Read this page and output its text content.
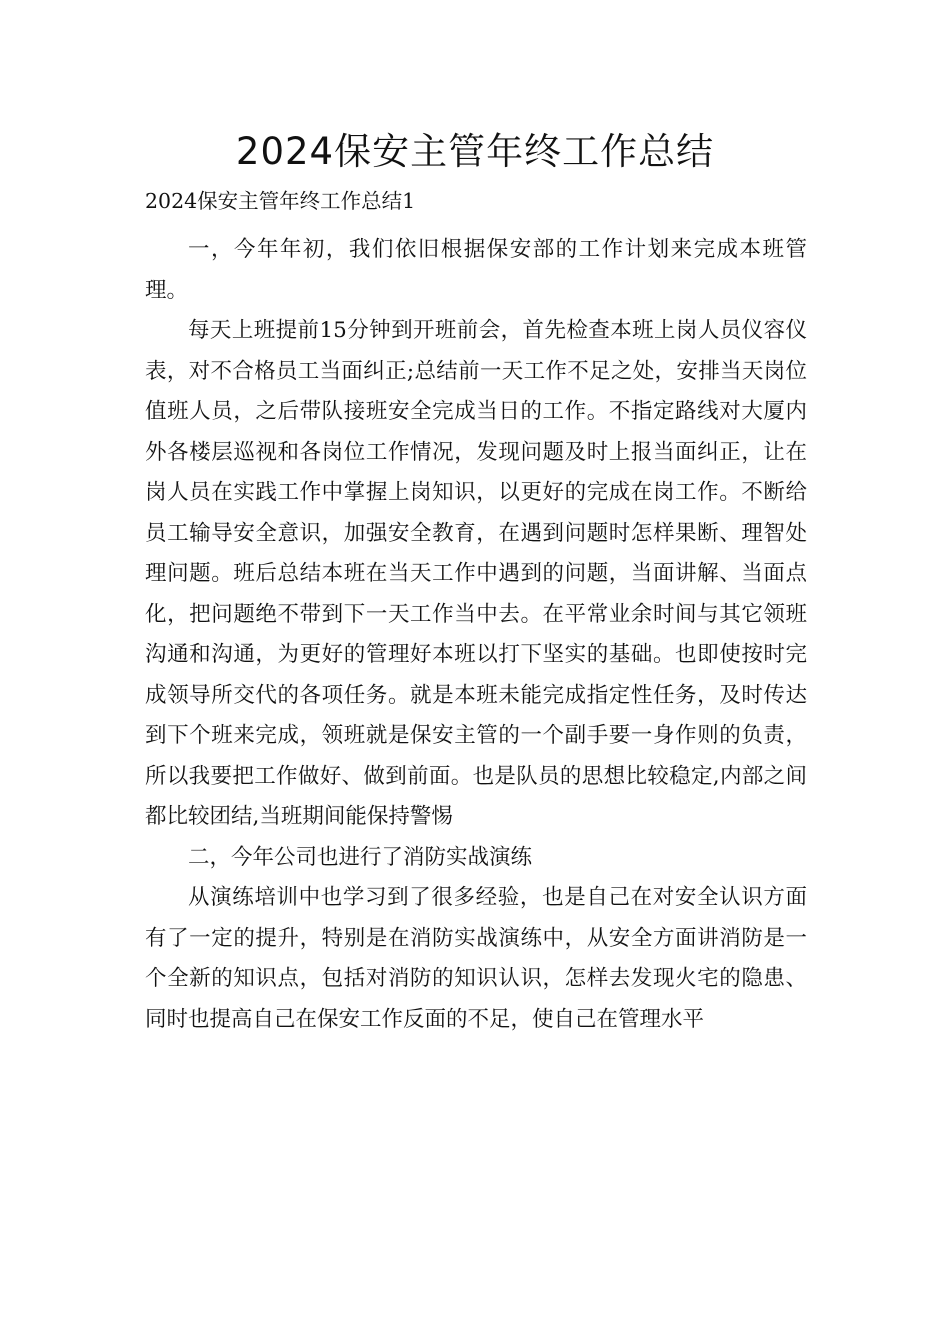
2024保安主管年终工作总结

2024保安主管年终工作总结1

一，今年年初，我们依旧根据保安部的工作计划来完成本班管理。

每天上班提前15分钟到开班前会，首先检查本班上岗人员仪容仪表，对不合格员工当面纠正;总结前一天工作不足之处，安排当天岗位值班人员，之后带队接班安全完成当日的工作。不指定路线对大厦内外各楼层巡视和各岗位工作情况，发现问题及时上报当面纠正，让在岗人员在实践工作中掌握上岗知识，以更好的完成在岗工作。不断给员工输导安全意识，加强安全教育，在遇到问题时怎样果断、理智处理问题。班后总结本班在当天工作中遇到的问题，当面讲解、当面点化，把问题绝不带到下一天工作当中去。在平常业余时间与其它领班沟通和沟通，为更好的管理好本班以打下坚实的基础。也即使按时完成领导所交代的各项任务。就是本班未能完成指定性任务，及时传达到下个班来完成，领班就是保安主管的一个副手要一身作则的负责，所以我要把工作做好、做到前面。也是队员的思想比较稳定,内部之间都比较团结,当班期间能保持警惕

二，今年公司也进行了消防实战演练

从演练培训中也学习到了很多经验，也是自己在对安全认识方面有了一定的提升，特别是在消防实战演练中，从安全方面讲消防是一个全新的知识点，包括对消防的知识认识，怎样去发现火宅的隐患、同时也提高自己在保安工作反面的不足，使自己在管理水平
